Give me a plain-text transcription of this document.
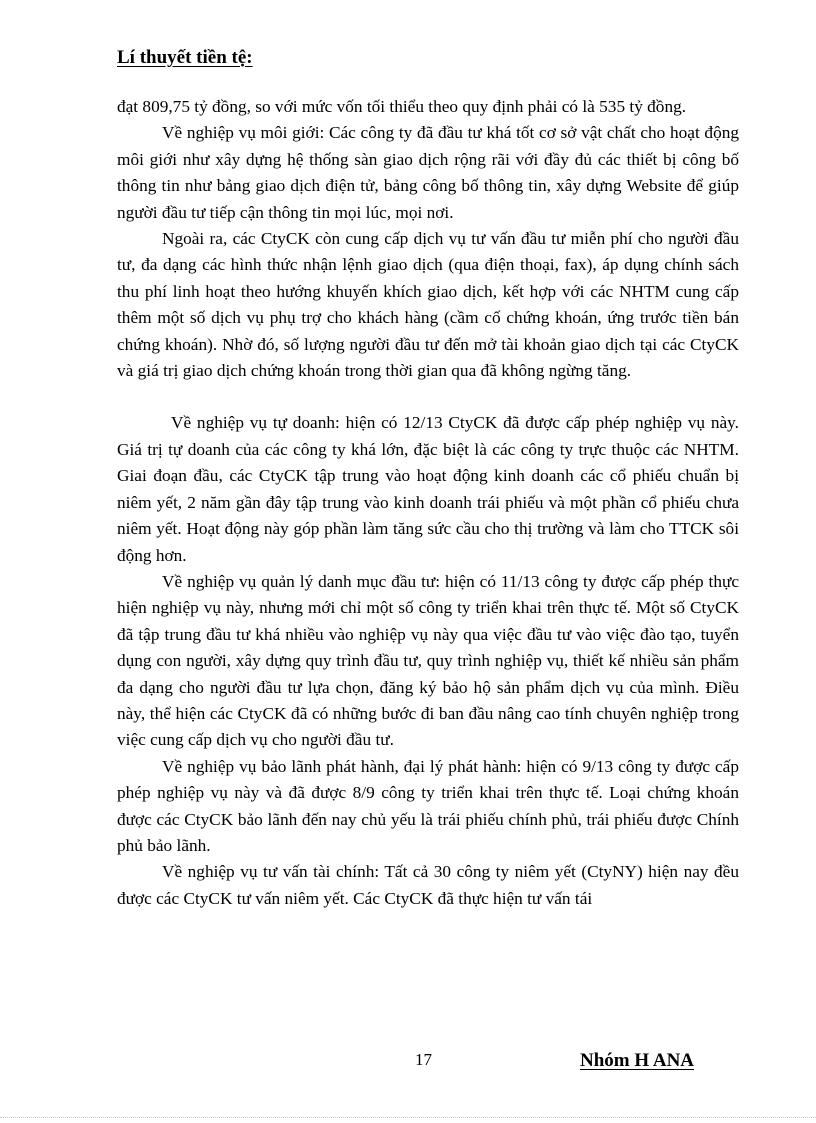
Lí thuyết tiền tệ:

đạt 809,75 tỷ đồng, so với mức vốn tối thiểu theo quy định phải có là 535 tỷ đồng.

Về nghiệp vụ môi giới: Các công ty đã đầu tư khá tốt cơ sở vật chất cho hoạt động môi giới như xây dựng hệ thống sàn giao dịch rộng rãi với đầy đủ các thiết bị công bố thông tin như bảng giao dịch điện tử, bảng công bố thông tin, xây dựng Website để giúp người đầu tư tiếp cận thông tin mọi lúc, mọi nơi.

Ngoài ra, các CtyCK còn cung cấp dịch vụ tư vấn đầu tư miễn phí cho người đầu tư, đa dạng các hình thức nhận lệnh giao dịch (qua điện thoại, fax), áp dụng chính sách thu phí linh hoạt theo hướng khuyến khích giao dịch, kết hợp với các NHTM cung cấp thêm một số dịch vụ phụ trợ cho khách hàng (cầm cố chứng khoán, ứng trước tiền bán chứng khoán). Nhờ đó, số lượng người đầu tư đến mở tài khoản giao dịch tại các CtyCK và giá trị giao dịch chứng khoán trong thời gian qua đã không ngừng tăng.

Về nghiệp vụ tự doanh: hiện có 12/13 CtyCK đã được cấp phép nghiệp vụ này. Giá trị tự doanh của các công ty khá lớn, đặc biệt là các công ty trực thuộc các NHTM. Giai đoạn đầu, các CtyCK tập trung vào hoạt động kinh doanh các cổ phiếu chuẩn bị niêm yết, 2 năm gần đây tập trung vào kinh doanh trái phiếu và một phần cổ phiếu chưa niêm yết. Hoạt động này góp phần làm tăng sức cầu cho thị trường và làm cho TTCK sôi động hơn.

Về nghiệp vụ quản lý danh mục đầu tư: hiện có 11/13 công ty được cấp phép thực hiện nghiệp vụ này, nhưng mới chỉ một số công ty triển khai trên thực tế. Một số CtyCK đã tập trung đầu tư khá nhiều vào nghiệp vụ này qua việc đầu tư vào việc đào tạo, tuyển dụng con người, xây dựng quy trình đầu tư, quy trình nghiệp vụ, thiết kế nhiều sản phẩm đa dạng cho người đầu tư lựa chọn, đăng ký bảo hộ sản phẩm dịch vụ của mình. Điều này, thể hiện các CtyCK đã có những bước đi ban đầu nâng cao tính chuyên nghiệp trong việc cung cấp dịch vụ cho người đầu tư.

Về nghiệp vụ bảo lãnh phát hành, đại lý phát hành: hiện có 9/13 công ty được cấp phép nghiệp vụ này và đã được 8/9 công ty triển khai trên thực tế. Loại chứng khoán được các CtyCK bảo lãnh đến nay chủ yếu là trái phiếu chính phủ, trái phiếu được Chính phủ bảo lãnh.

Về nghiệp vụ tư vấn tài chính: Tất cả 30 công ty niêm yết (CtyNY) hiện nay đều được các CtyCK tư vấn niêm yết. Các CtyCK đã thực hiện tư vấn tái

17	Nhóm H ANA
